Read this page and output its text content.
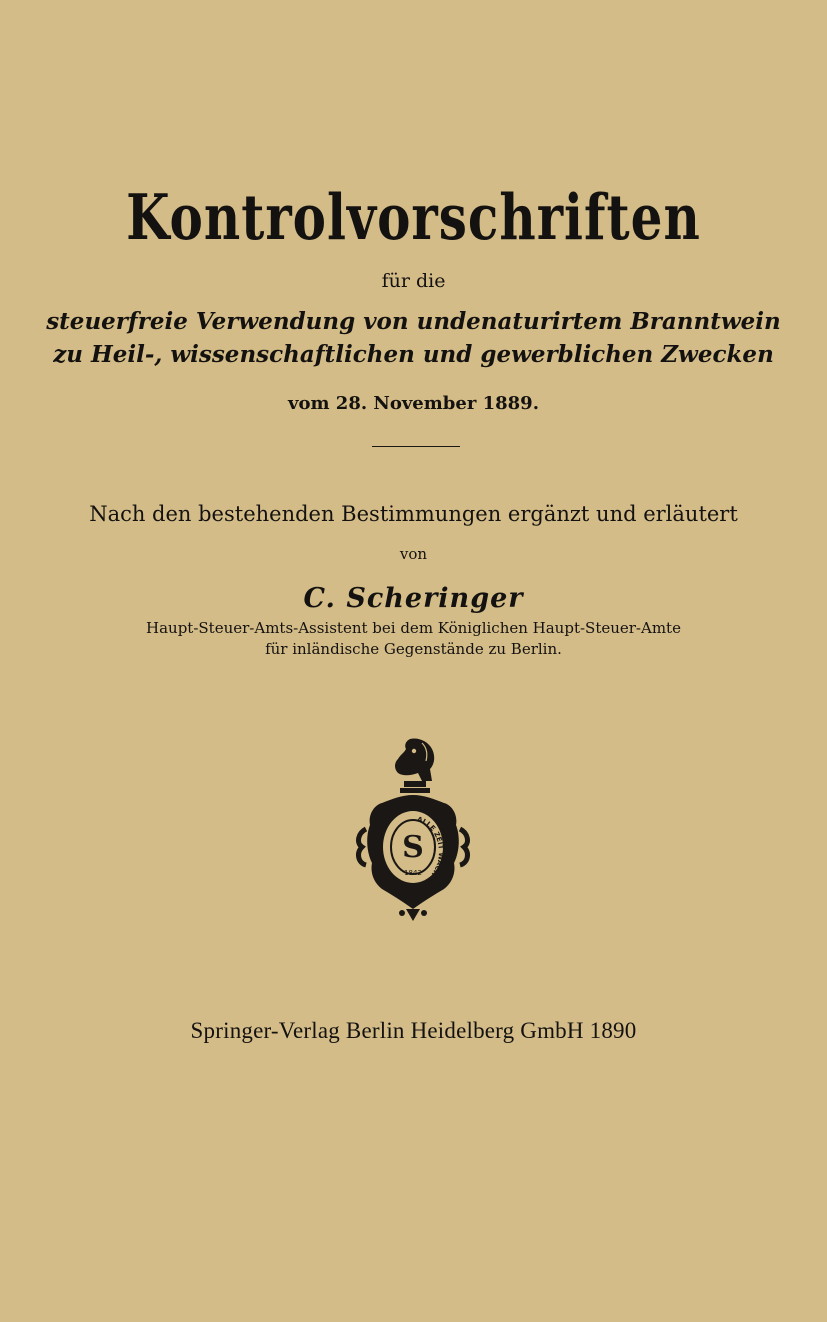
Kontrolvorschriften
für die
steuerfreie Verwendung von undenaturirtem Branntwein
zu Heil-, wissenschaftlichen und gewerblichen Zwecken
vom 28. November 1889.
Nach den bestehenden Bestimmungen ergänzt und erläutert
von
C. Scheringer
Haupt-Steuer-Amts-Assistent bei dem Königlichen Haupt-Steuer-Amte
für inländische Gegenstände zu Berlin.
ALLE ZEIT WACH
S
1842
Springer-Verlag Berlin Heidelberg GmbH 1890
